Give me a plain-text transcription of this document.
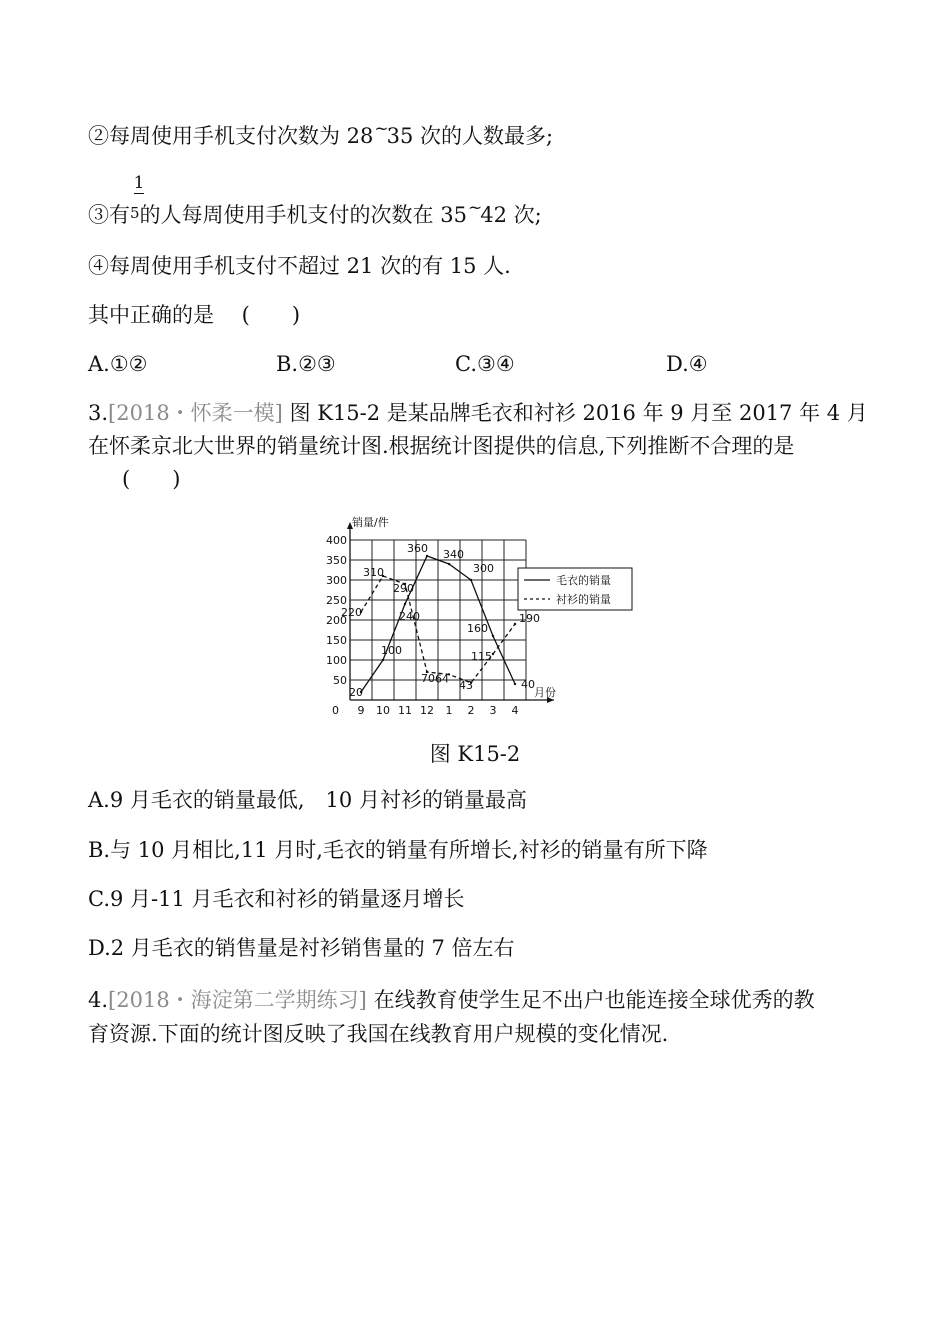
②每周使用手机支付次数为 28~35 次的人数最多;
1
③有5的人每周使用手机支付的次数在 35~42 次;
④每周使用手机支付不超过 21 次的有 15 人.
其中正确的是　 (　　)
A.①②	B.②③	C.③④	D.④
3.[2018・怀柔一模] 图 K15-2 是某品牌毛衣和衬衫 2016 年 9 月至 2017 年 4 月
在怀柔京北大世界的销量统计图.根据统计图提供的信息,下列推断不合理的是
(　　)
50
100
150
200
250
300
350
400
销量/件
月份
0 9 10 11 12 1 2 3 4
20
100
240
360 340
300
160
40
220
310
290
70 64 43
115
190
毛衣的销量
衬衫的销量
图 K15-2
A.9 月毛衣的销量最低,　10 月衬衫的销量最高
B.与 10 月相比,11 月时,毛衣的销量有所增长,衬衫的销量有所下降
C.9 月-11 月毛衣和衬衫的销量逐月增长
D.2 月毛衣的销售量是衬衫销售量的 7 倍左右
4.[2018・海淀第二学期练习] 在线教育使学生足不出户也能连接全球优秀的教
育资源.下面的统计图反映了我国在线教育用户规模的变化情况.
